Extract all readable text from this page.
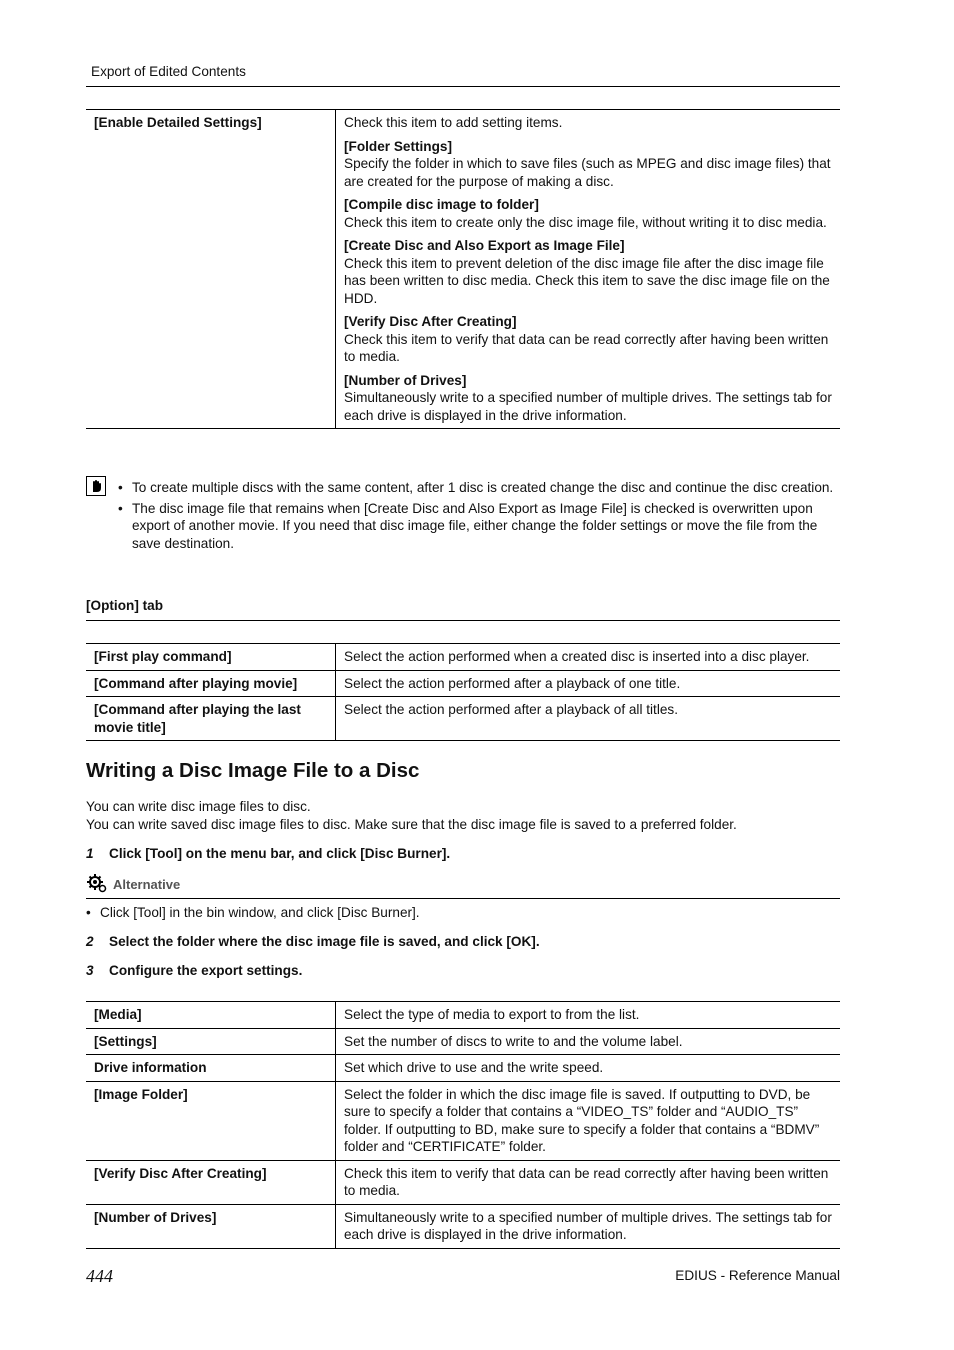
Export of Edited Contents
[Enable Detailed Settings]	Check this item to add setting items.

[Folder Settings]

Specify the folder in which to save files (such as MPEG and disc image files) that are created for the purpose of making a disc.

[Compile disc image to folder]

Check this item to create only the disc image file, without writing it to disc media.

[Create Disc and Also Export as Image File]

Check this item to prevent deletion of the disc image file after the disc image file has been written to disc media. Check this item to save the disc image file on the HDD.

[Verify Disc After Creating]

Check this item to verify that data can be read correctly after having been written to media.

[Number of Drives]

Simultaneously write to a specified number of multiple drives. The settings tab for each drive is displayed in the drive information.

• To create multiple discs with the same content, after 1 disc is created change the disc and continue the disc creation.
• The disc image file that remains when [Create Disc and Also Export as Image File] is checked is overwritten upon export of another movie. If you need that disc image file, either change the folder settings or move the file from the save destination.
[Option] tab
[First play command]	Select the action performed when a created disc is inserted into a disc player.
[Command after playing movie]	Select the action performed after a playback of one title.
[Command after playing the last movie title]	Select the action performed after a playback of all titles.
Writing a Disc Image File to a Disc

You can write disc image files to disc.

You can write saved disc image files to disc. Make sure that the disc image file is saved to a preferred folder.

1 Click [Tool] on the menu bar, and click [Disc Burner].
Alternative
• Click [Tool] in the bin window, and click [Disc Burner].
2 Select the folder where the disc image file is saved, and click [OK].
3 Configure the export settings.
[Media]	Select the type of media to export to from the list.
[Settings]	Set the number of discs to write to and the volume label.
Drive information	Set which drive to use and the write speed.
[Image Folder]	Select the folder in which the disc image file is saved. If outputting to DVD, be sure to specify a folder that contains a “VIDEO_TS” folder and “AUDIO_TS” folder. If outputting to BD, make sure to specify a folder that contains a “BDMV” folder and “CERTIFICATE” folder.
[Verify Disc After Creating]	Check this item to verify that data can be read correctly after having been written to media.
[Number of Drives]	Simultaneously write to a specified number of multiple drives. The settings tab for each drive is displayed in the drive information.
444	EDIUS - Reference Manual
